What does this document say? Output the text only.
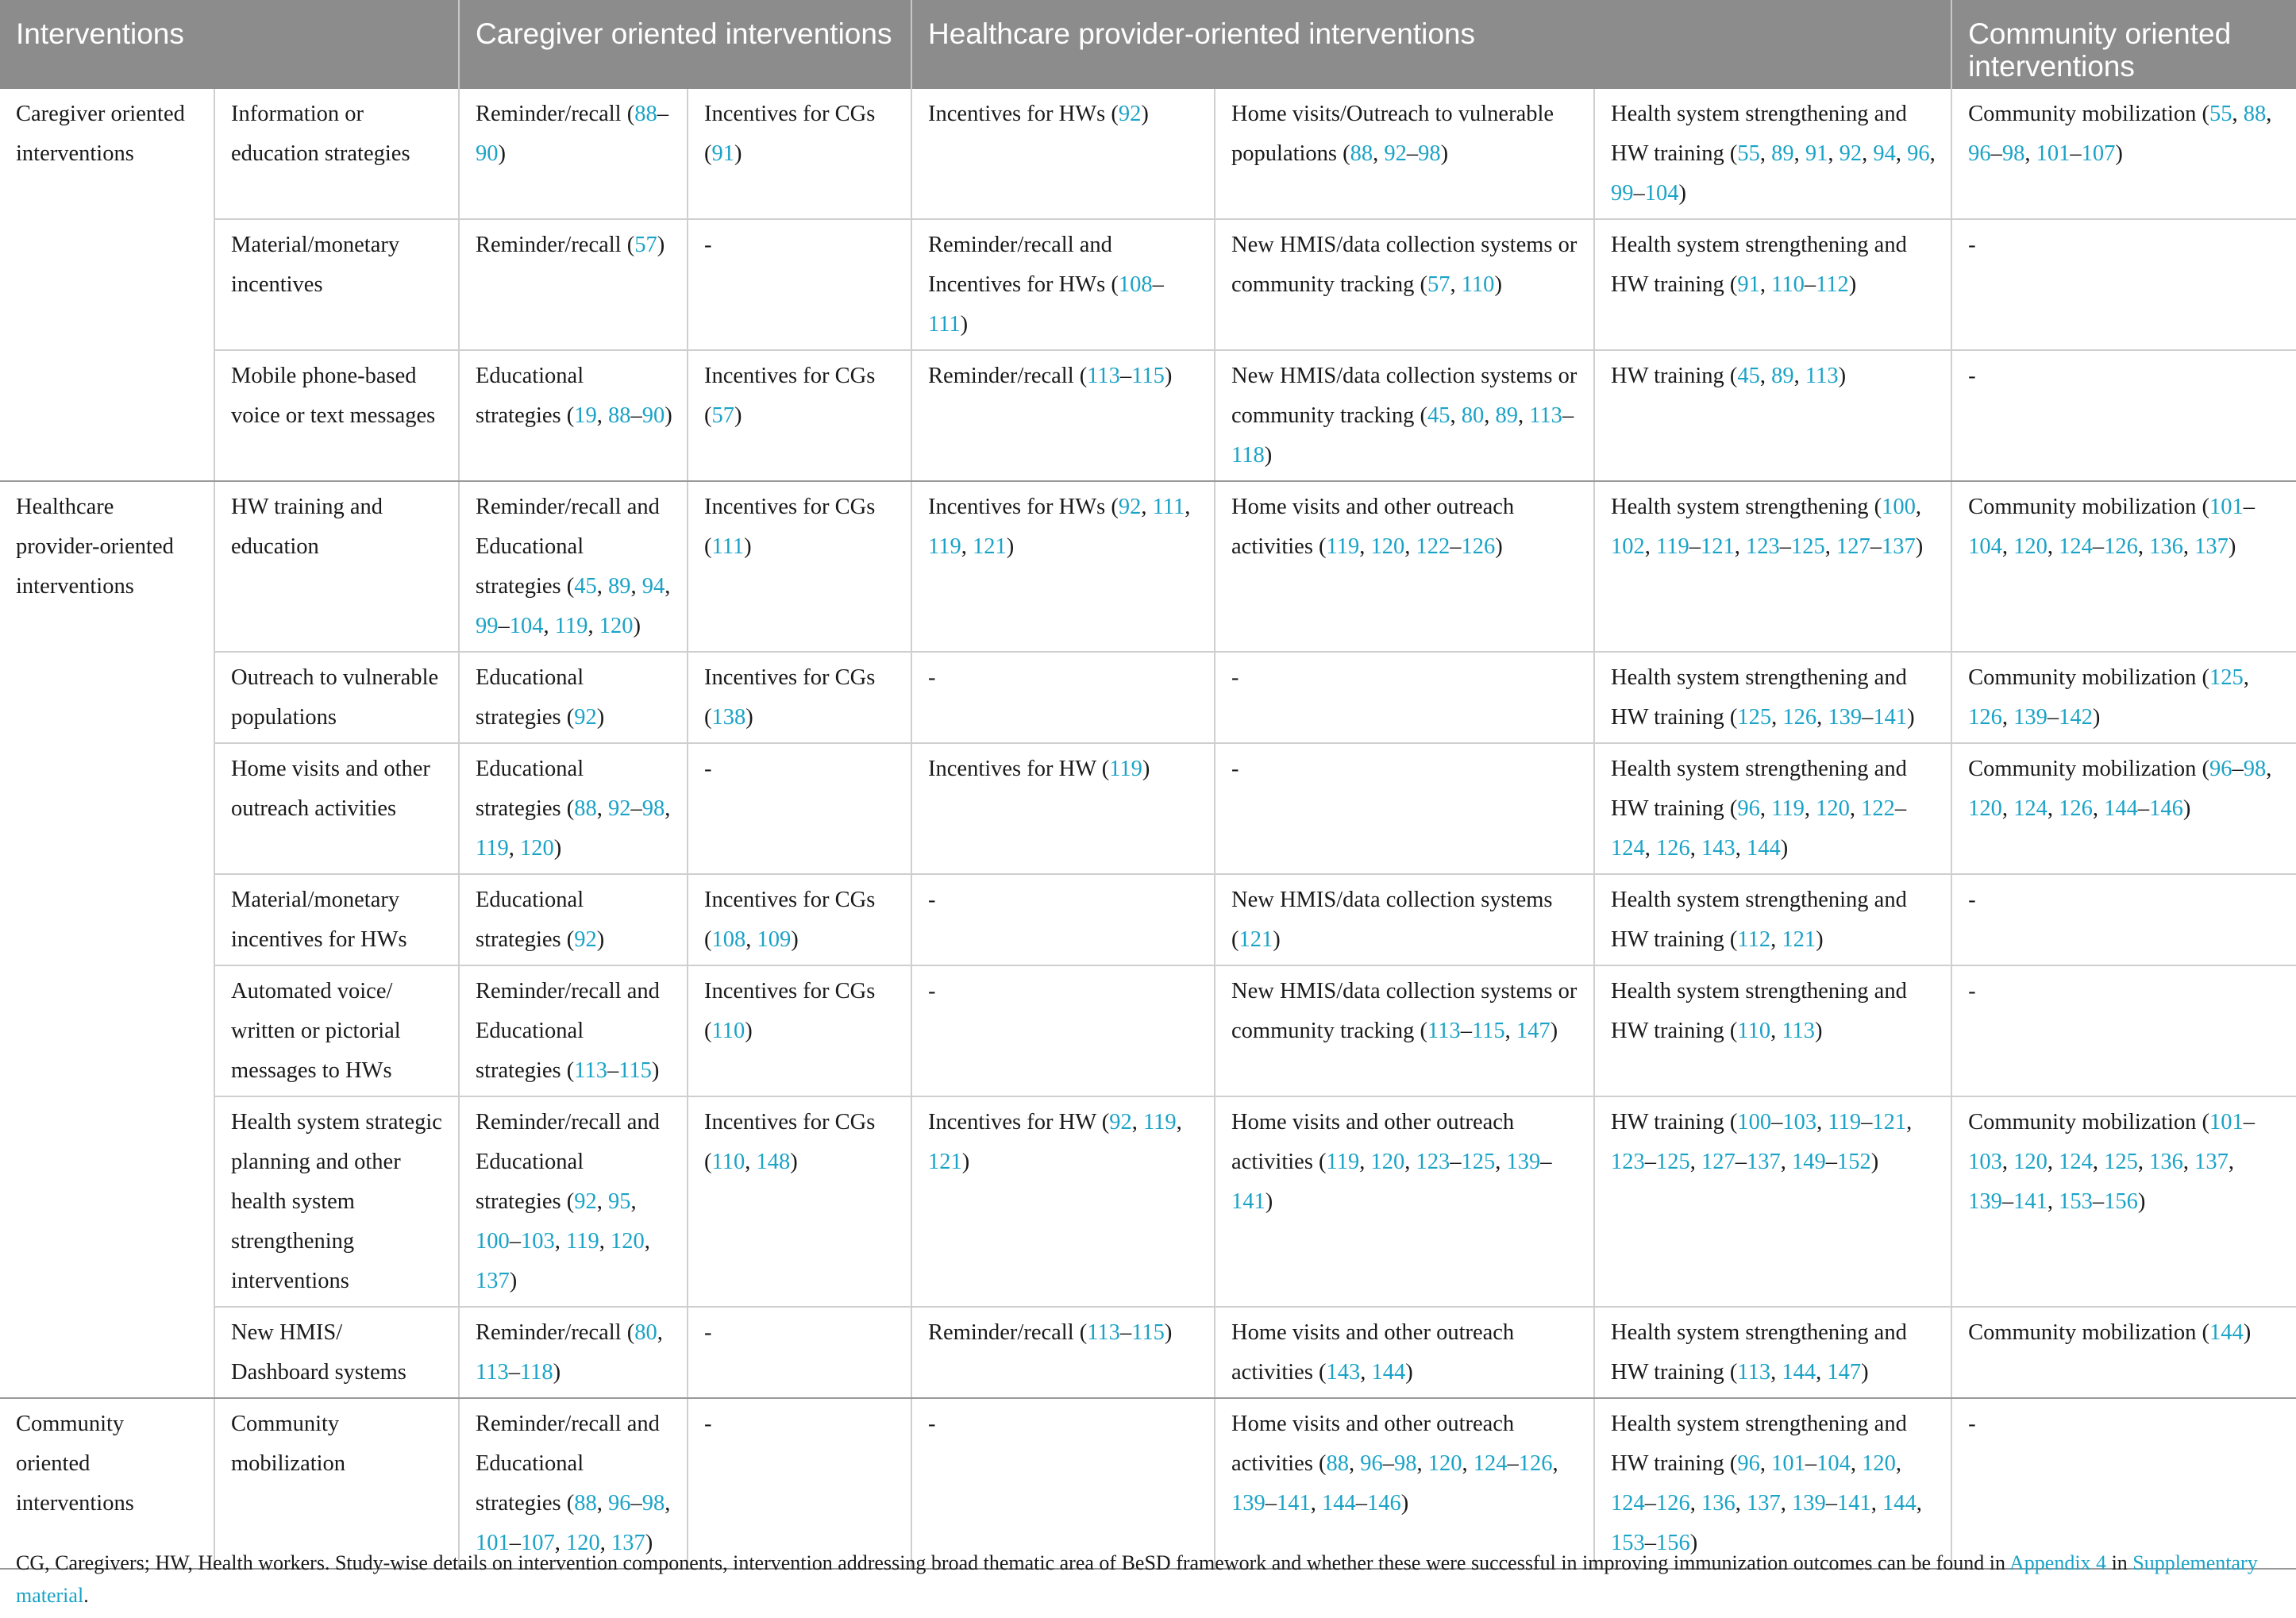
Interventions		Caregiver oriented interventions		Healthcare provider-oriented interventions			Community oriented interventions
Caregiver oriented interventions	Information or education strategies	Reminder/recall (88–90)	Incentives for CGs (91)	Incentives for HWs (92)	Home visits/Outreach to vulnerable populations (88, 92–98)	Health system strengthening and HW training (55, 89, 91, 92, 94, 96, 99–104)	Community mobilization (55, 88, 96–98, 101–107)
	Material/monetary incentives	Reminder/recall (57)	-	Reminder/recall and Incentives for HWs (108–111)	New HMIS/data collection systems or community tracking (57, 110)	Health system strengthening and HW training (91, 110–112)	-
	Mobile phone-based voice or text messages	Educational strategies (19, 88–90)	Incentives for CGs (57)	Reminder/recall (113–115)	New HMIS/data collection systems or community tracking (45, 80, 89, 113–118)	HW training (45, 89, 113)	-
Healthcare provider-oriented interventions	HW training and education	Reminder/recall and Educational strategies (45, 89, 94, 99–104, 119, 120)	Incentives for CGs (111)	Incentives for HWs (92, 111, 119, 121)	Home visits and other outreach activities (119, 120, 122–126)	Health system strengthening (100, 102, 119–121, 123–125, 127–137)	Community mobilization (101–104, 120, 124–126, 136, 137)
	Outreach to vulnerable populations	Educational strategies (92)	Incentives for CGs (138)	-	-	Health system strengthening and HW training (125, 126, 139–141)	Community mobilization (125, 126, 139–142)
	Home visits and other outreach activities	Educational strategies (88, 92–98, 119, 120)	-	Incentives for HW (119)	-	Health system strengthening and HW training (96, 119, 120, 122–124, 126, 143, 144)	Community mobilization (96–98, 120, 124, 126, 144–146)
	Material/monetary incentives for HWs	Educational strategies (92)	Incentives for CGs (108, 109)	-	New HMIS/data collection systems (121)	Health system strengthening and HW training (112, 121)	-
	Automated voice/ written or pictorial messages to HWs	Reminder/recall and Educational strategies (113–115)	Incentives for CGs (110)	-	New HMIS/data collection systems or community tracking (113–115, 147)	Health system strengthening and HW training (110, 113)	-
	Health system strategic planning and other health system strengthening interventions	Reminder/recall and Educational strategies (92, 95, 100–103, 119, 120, 137)	Incentives for CGs (110, 148)	Incentives for HW (92, 119, 121)	Home visits and other outreach activities (119, 120, 123–125, 139–141)	HW training (100–103, 119–121, 123–125, 127–137, 149–152)	Community mobilization (101–103, 120, 124, 125, 136, 137, 139–141, 153–156)
	New HMIS/ Dashboard systems	Reminder/recall (80, 113–118)	-	Reminder/recall (113–115)	Home visits and other outreach activities (143, 144)	Health system strengthening and HW training (113, 144, 147)	Community mobilization (144)
Community oriented interventions	Community mobilization	Reminder/recall and Educational strategies (88, 96–98, 101–107, 120, 137)	-	-	Home visits and other outreach activities (88, 96–98, 120, 124–126, 139–141, 144–146)	Health system strengthening and HW training (96, 101–104, 120, 124–126, 136, 137, 139–141, 144, 153–156)	-
CG, Caregivers; HW, Health workers. Study-wise details on intervention components, intervention addressing broad thematic area of BeSD framework and whether these were successful in improving immunization outcomes can be found in Appendix 4 in Supplementary material.
